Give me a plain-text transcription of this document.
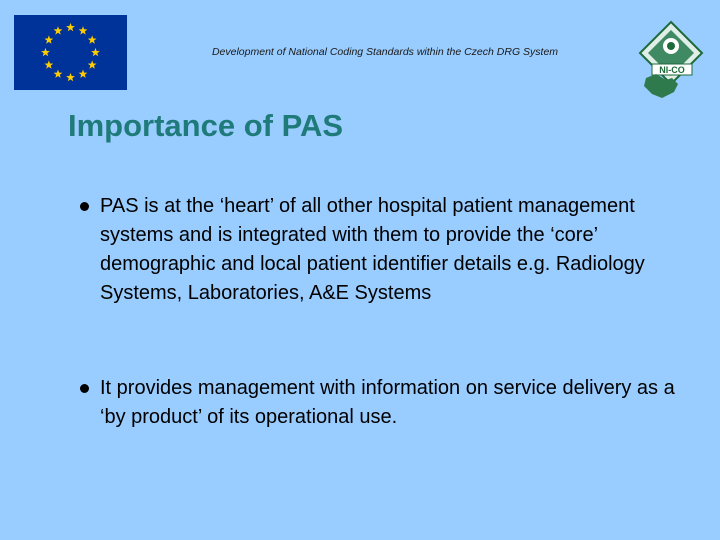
Development of National Coding Standards within the Czech DRG System
NI-CO
Importance of PAS
PAS is at the ‘heart’ of all other hospital patient management systems and is integrated with them to provide the ‘core’ demographic and local patient identifier details e.g. Radiology Systems, Laboratories, A&E Systems
It provides management with information on service delivery as a ‘by product’ of its operational use.
